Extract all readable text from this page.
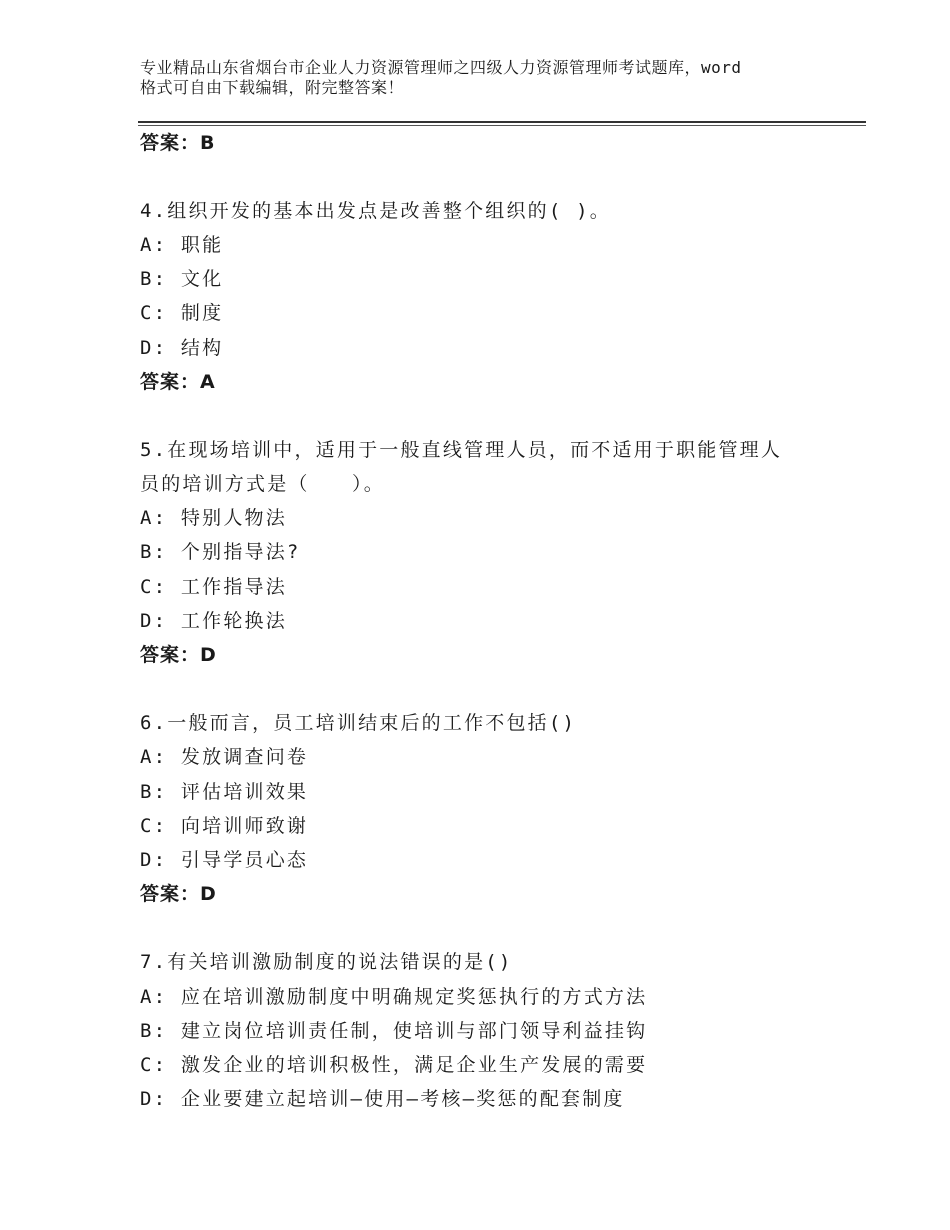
专业精品山东省烟台市企业人力资源管理师之四级人力资源管理师考试题库，word
格式可自由下载编辑，附完整答案！
答案：B
4.组织开发的基本出发点是改善整个组织的( )。
A: 职能
B: 文化
C: 制度
D: 结构
答案：A
5.在现场培训中，适用于一般直线管理人员，而不适用于职能管理人
员的培训方式是（　　）。
A: 特别人物法
B: 个别指导法?
C: 工作指导法
D: 工作轮换法
答案：D
6.一般而言，员工培训结束后的工作不包括()
A: 发放调查问卷
B: 评估培训效果
C: 向培训师致谢
D: 引导学员心态
答案：D
7.有关培训激励制度的说法错误的是()
A: 应在培训激励制度中明确规定奖惩执行的方式方法
B: 建立岗位培训责任制，使培训与部门领导利益挂钩
C: 激发企业的培训积极性，满足企业生产发展的需要
D: 企业要建立起培训—使用—考核—奖惩的配套制度
